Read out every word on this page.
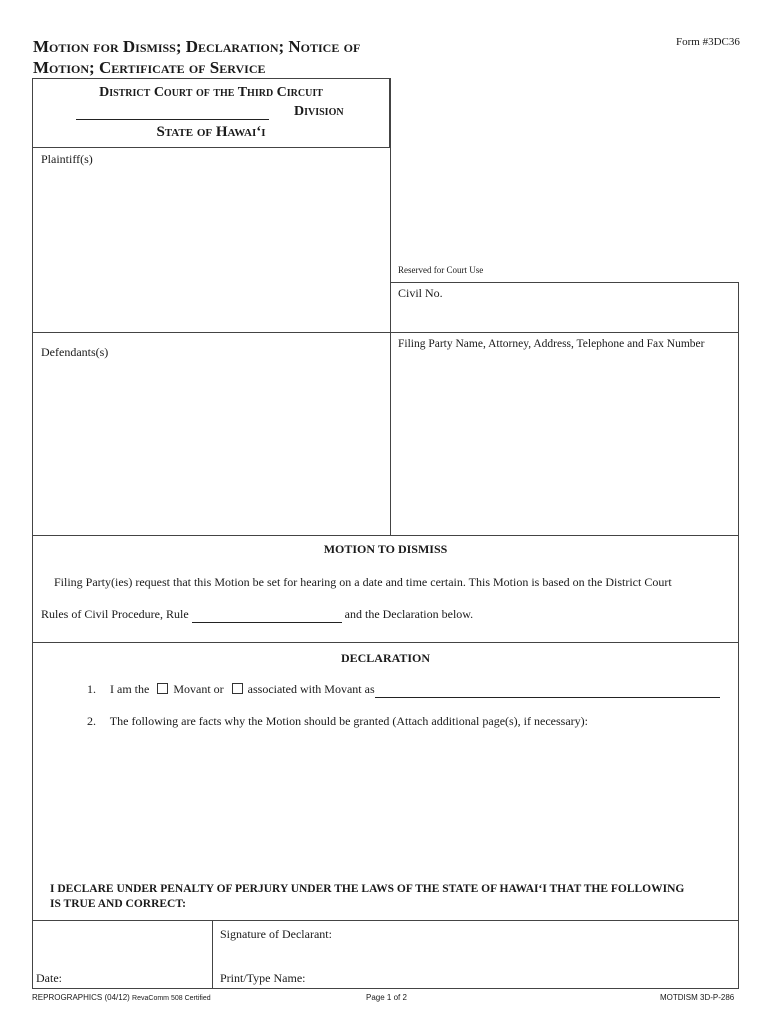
Form #3DC36
Motion for Dismiss; Declaration; Notice of
Motion; Certificate of Service
District Court of the Third Circuit
Division
State of Hawaiʻi
Plaintiff(s)
Reserved for Court Use
Civil No.
Defendants(s)
Filing Party Name, Attorney, Address, Telephone and Fax Number
MOTION TO DISMISS
Filing Party(ies) request that this Motion be set for hearing on a date and time certain. This Motion is based on the District Court
Rules of Civil Procedure, Rule	and the Declaration below.
DECLARATION
1. I am the Movant or associated with Movant as
2. The following are facts why the Motion should be granted (Attach additional page(s), if necessary):
I DECLARE UNDER PENALTY OF PERJURY UNDER THE LAWS OF THE STATE OF HAWAIʻI THAT THE FOLLOWING
IS TRUE AND CORRECT:
Signature of Declarant:
Date:	Print/Type Name:
REPROGRAPHICS (04/12) RevaComm 508 Certified	Page 1 of 2	MOTDISM 3D-P-286
